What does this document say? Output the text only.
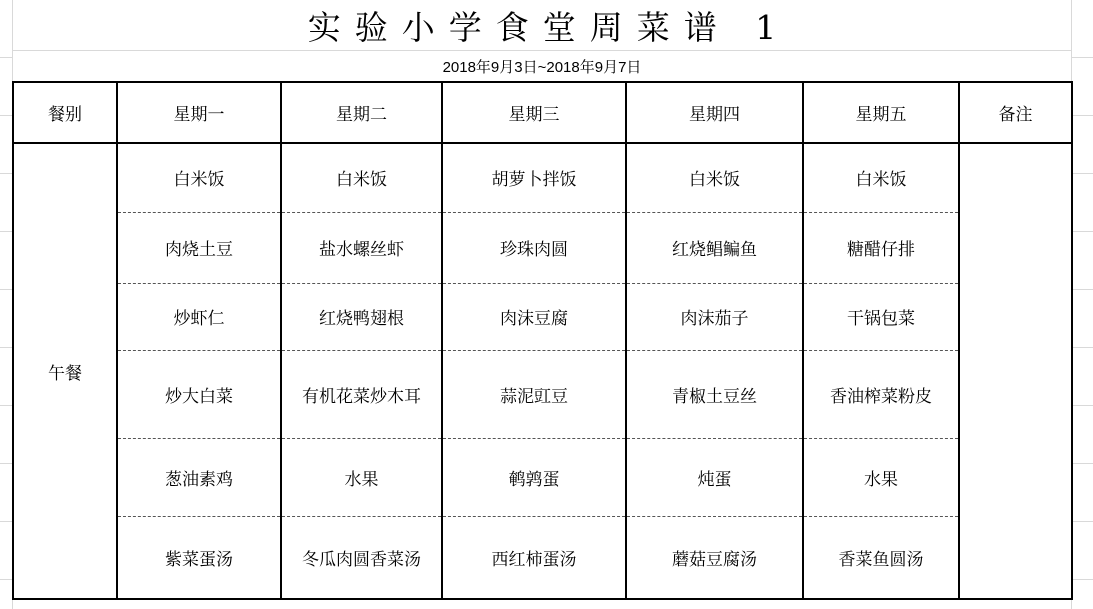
实验小学食堂周菜谱 1
2018年9月3日~2018年9月7日
餐别	星期一	星期二	星期三	星期四	星期五	备注
午餐	白米饭	白米饭	胡萝卜拌饭	白米饭	白米饭	
	肉烧土豆	盐水螺丝虾	珍珠肉圆	红烧鲳鳊鱼	糖醋仔排	
	炒虾仁	红烧鸭翅根	肉沫豆腐	肉沫茄子	干锅包菜	
	炒大白菜	有机花菜炒木耳	蒜泥豇豆	青椒土豆丝	香油榨菜粉皮	
	葱油素鸡	水果	鹌鹑蛋	炖蛋	水果	
	紫菜蛋汤	冬瓜肉圆香菜汤	西红柿蛋汤	蘑菇豆腐汤	香菜鱼圆汤	
